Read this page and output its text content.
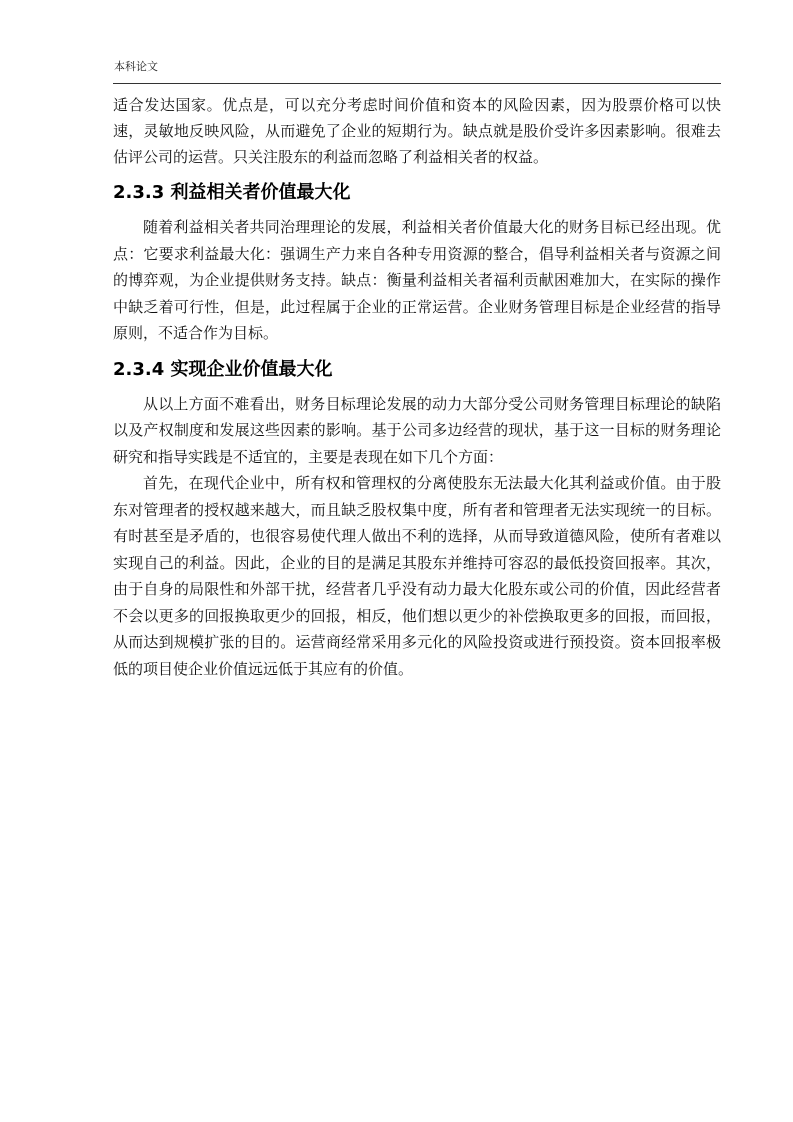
本科论文

适合发达国家。优点是，可以充分考虑时间价值和资本的风险因素，因为股票价格可以快速，灵敏地反映风险，从而避免了企业的短期行为。缺点就是股价受许多因素影响。很难去估评公司的运营。只关注股东的利益而忽略了利益相关者的权益。

2.3.3 利益相关者价值最大化

随着利益相关者共同治理理论的发展，利益相关者价值最大化的财务目标已经出现。优点：它要求利益最大化：强调生产力来自各种专用资源的整合，倡导利益相关者与资源之间的博弈观，为企业提供财务支持。缺点：衡量利益相关者福利贡献困难加大，在实际的操作中缺乏着可行性，但是，此过程属于企业的正常运营。企业财务管理目标是企业经营的指导原则，不适合作为目标。

2.3.4 实现企业价值最大化

从以上方面不难看出，财务目标理论发展的动力大部分受公司财务管理目标理论的缺陷以及产权制度和发展这些因素的影响。基于公司多边经营的现状，基于这一目标的财务理论研究和指导实践是不适宜的，主要是表现在如下几个方面：

首先，在现代企业中，所有权和管理权的分离使股东无法最大化其利益或价值。由于股东对管理者的授权越来越大，而且缺乏股权集中度，所有者和管理者无法实现统一的目标。有时甚至是矛盾的，也很容易使代理人做出不利的选择，从而导致道德风险，使所有者难以实现自己的利益。因此，企业的目的是满足其股东并维持可容忍的最低投资回报率。其次，由于自身的局限性和外部干扰，经营者几乎没有动力最大化股东或公司的价值，因此经营者不会以更多的回报换取更少的回报，相反，他们想以更少的补偿换取更多的回报，而回报，从而达到规模扩张的目的。运营商经常采用多元化的风险投资或进行预投资。资本回报率极低的项目使企业价值远远低于其应有的价值。
